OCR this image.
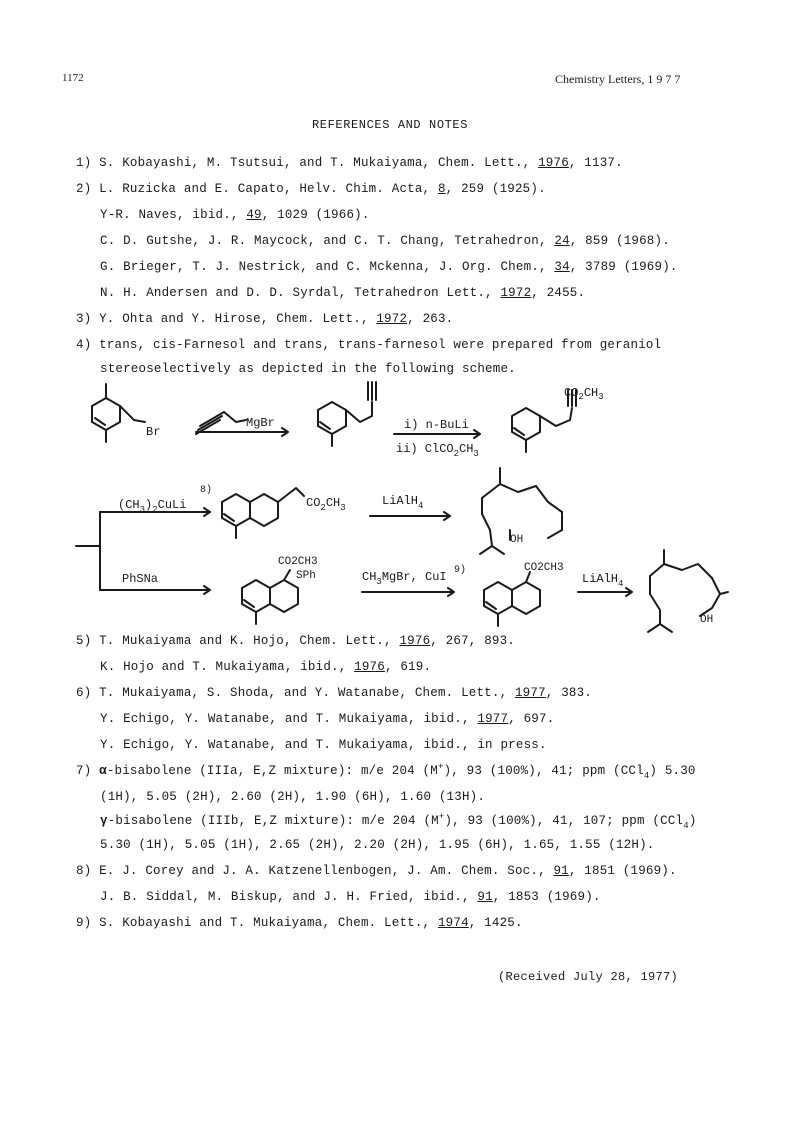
1172	Chemistry Letters, 1 9 7 7
REFERENCES AND NOTES
1) S. Kobayashi, M. Tsutsui, and T. Mukaiyama, Chem. Lett., 1976, 1137.
2) L. Ruzicka and E. Capato, Helv. Chim. Acta, 8, 259 (1925).
Y-R. Naves, ibid., 49, 1029 (1966).
C. D. Gutshe, J. R. Maycock, and C. T. Chang, Tetrahedron, 24, 859 (1968).
G. Brieger, T. J. Nestrick, and C. Mckenna, J. Org. Chem., 34, 3789 (1969).
N. H. Andersen and D. D. Syrdal, Tetrahedron Lett., 1972, 2455.
3) Y. Ohta and Y. Hirose, Chem. Lett., 1972, 263.
4) trans, cis-Farnesol and trans, trans-farnesol were prepared from geraniol
stereoselectively as depicted in the following scheme.
Br
MgBr	i) n-BuLi
ii) $ClCO_2CH_3$
$CO_2CH_3$
8)
$(CH_3)_2CuLi$	$CO_2CH_3$	LiAlH$_4$
OH
PhSNa
CO2CH3
SPh	9)
$CH_3MgBr$, CuI
CO2CH3
LiAlH$_4$
OH
5) T. Mukaiyama and K. Hojo, Chem. Lett., 1976, 267, 893.
K. Hojo and T. Mukaiyama, ibid., 1976, 619.
6) T. Mukaiyama, S. Shoda, and Y. Watanabe, Chem. Lett., 1977, 383.
Y. Echigo, Y. Watanabe, and T. Mukaiyama, ibid., 1977, 697.
Y. Echigo, Y. Watanabe, and T. Mukaiyama, ibid., in press.
7) α-bisabolene (IIIa, E,Z mixture): m/e 204 (M+), 93 (100%), 41; ppm (CCl$_4$) 5.30
(1H), 5.05 (2H), 2.60 (2H), 1.90 (6H), 1.60 (13H).
γ-bisabolene (IIIb, E,Z mixture): m/e 204 (M+), 93 (100%), 41, 107; ppm (CCl$_4$)
5.30 (1H), 5.05 (1H), 2.65 (2H), 2.20 (2H), 1.95 (6H), 1.65, 1.55 (12H).
8) E. J. Corey and J. A. Katzenellenbogen, J. Am. Chem. Soc., 91, 1851 (1969).
J. B. Siddal, M. Biskup, and J. H. Fried, ibid., 91, 1853 (1969).
9) S. Kobayashi and T. Mukaiyama, Chem. Lett., 1974, 1425.
(Received July 28, 1977)
